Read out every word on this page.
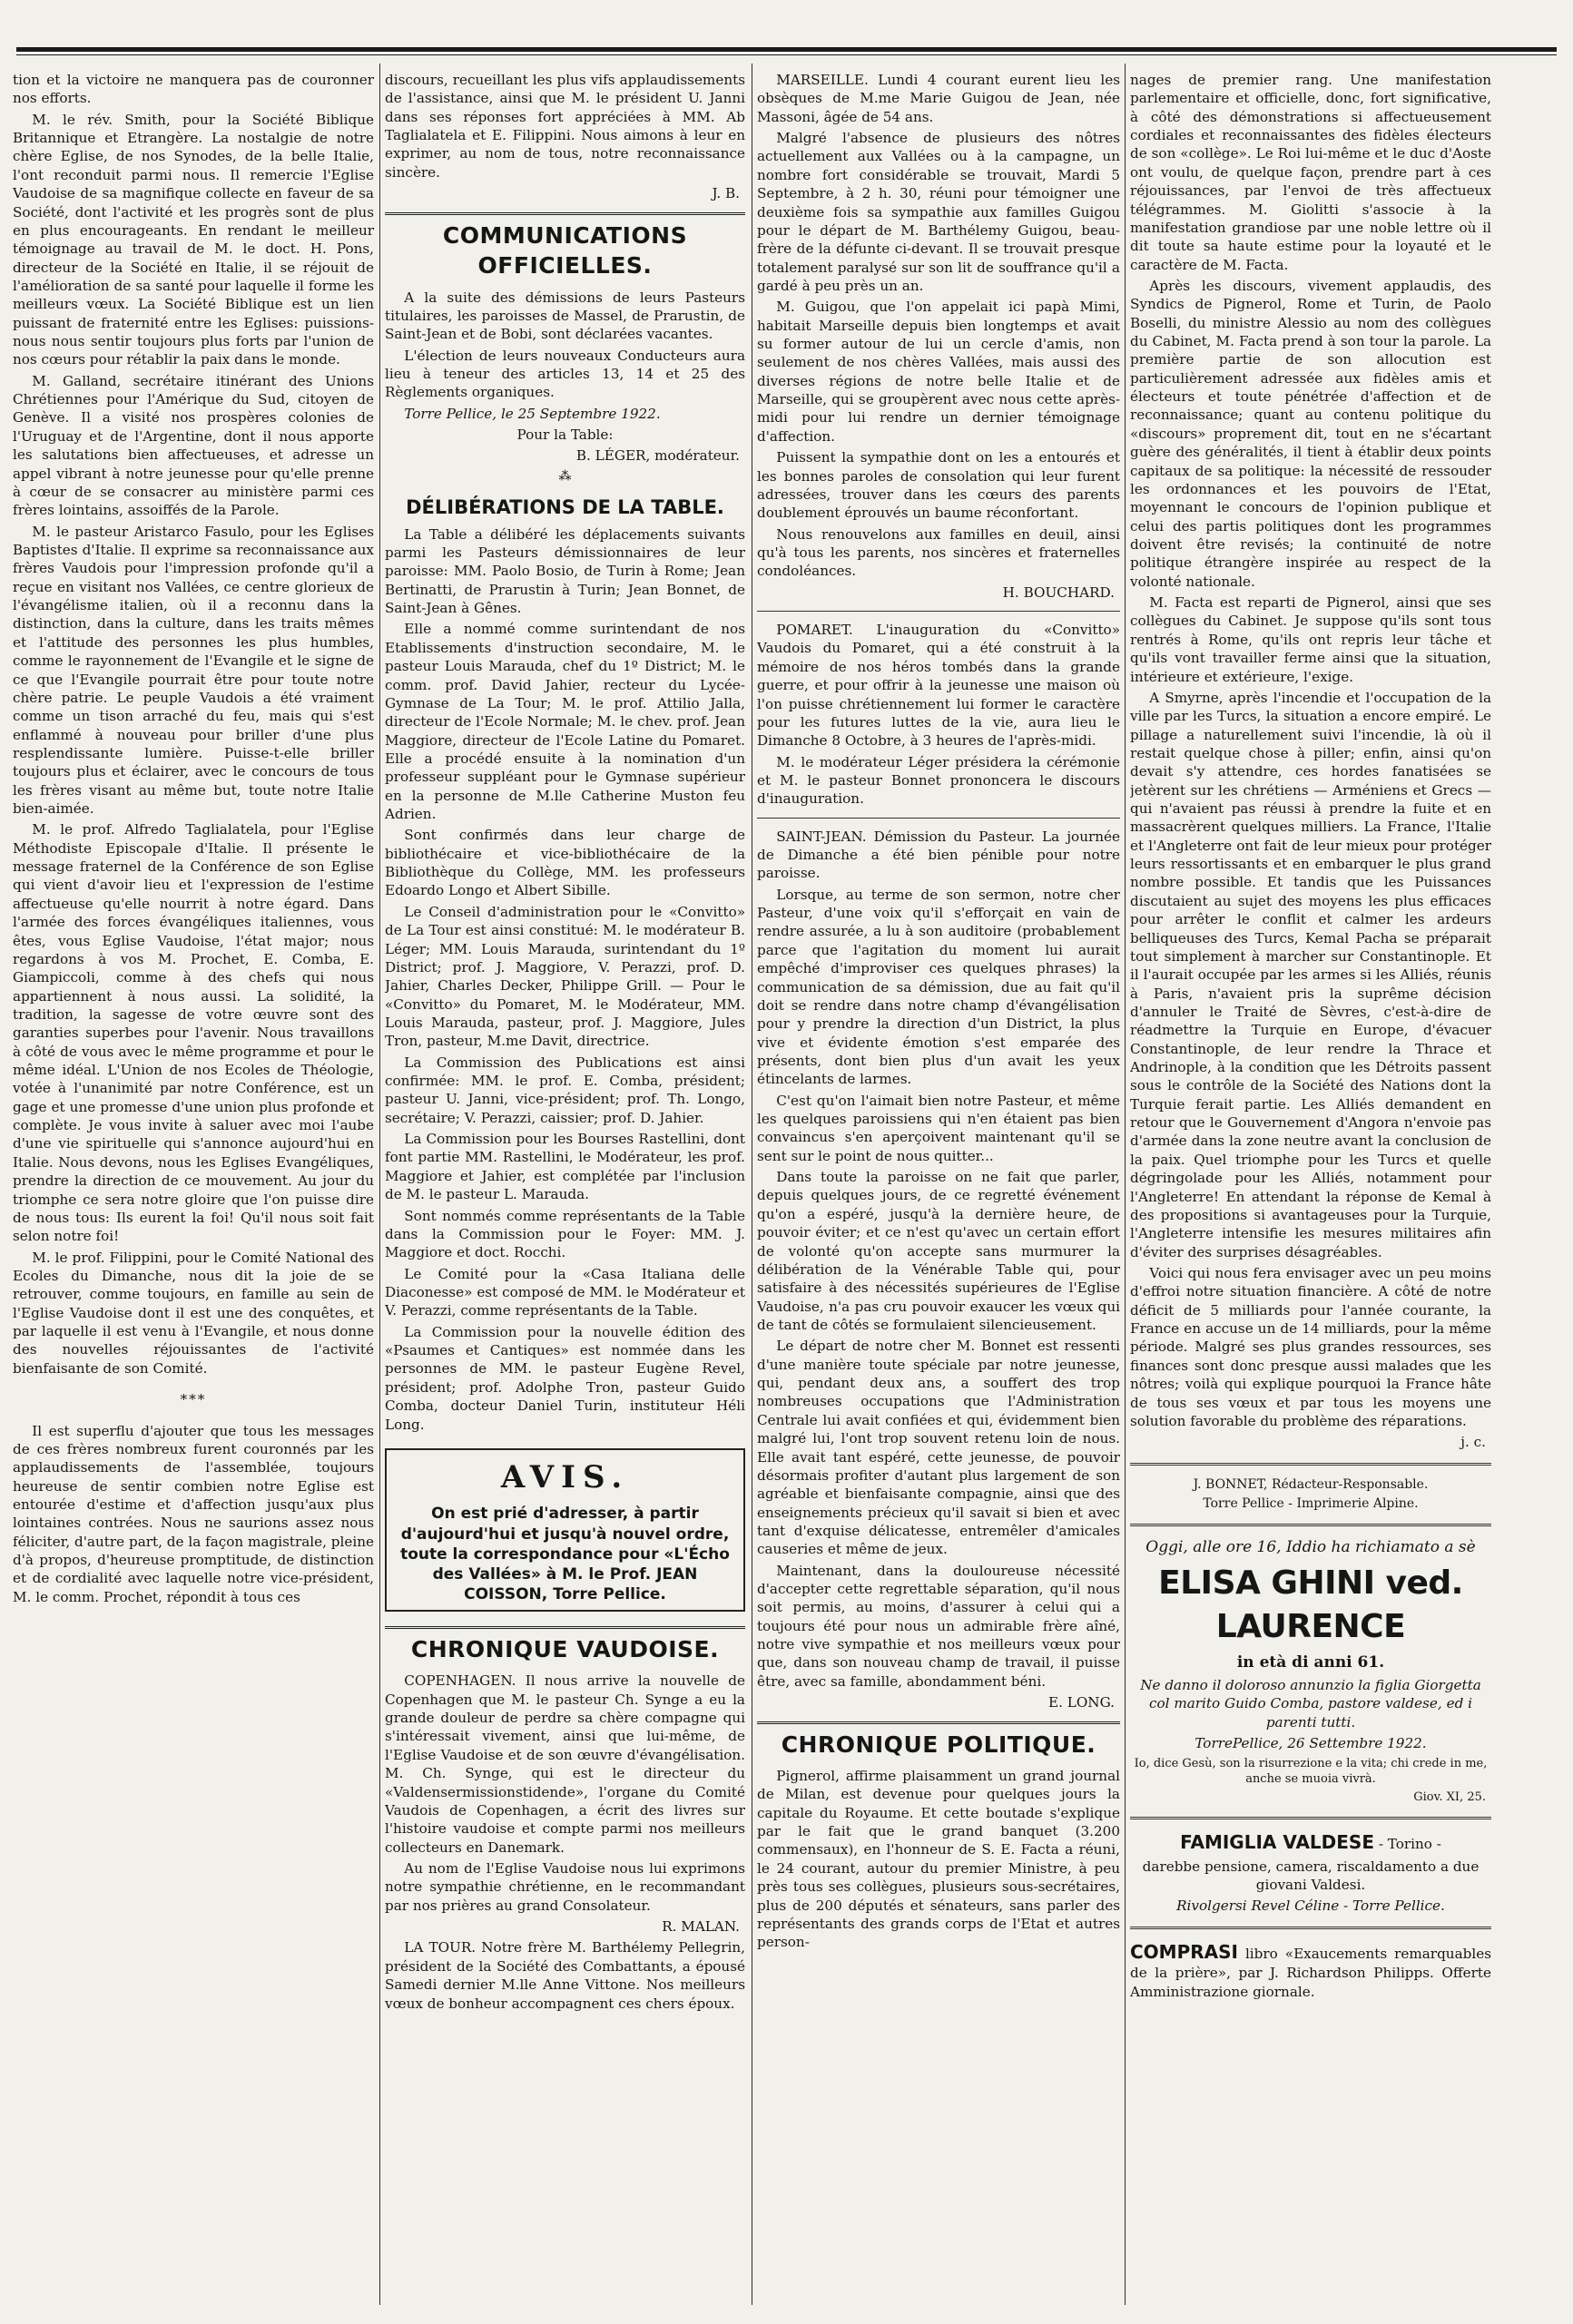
tion et la victoire ne manquera pas de couronner nos efforts.

M. le rév. Smith, pour la Société Biblique Britannique et Etrangère. La nostalgie de notre chère Eglise, de nos Synodes, de la belle Italie, l'ont reconduit parmi nous. Il remercie l'Eglise Vaudoise de sa magnifique collecte en faveur de sa Société, dont l'activité et les progrès sont de plus en plus encourageants. En rendant le meilleur témoignage au travail de M. le doct. H. Pons, directeur de la Société en Italie, il se réjouit de l'amélioration de sa santé pour laquelle il forme les meilleurs vœux. La Société Biblique est un lien puissant de fraternité entre les Eglises: puissions-nous nous sentir toujours plus forts par l'union de nos cœurs pour rétablir la paix dans le monde.

M. Galland, secrétaire itinérant des Unions Chrétiennes pour l'Amérique du Sud, citoyen de Genève. Il a visité nos prospères colonies de l'Uruguay et de l'Argentine, dont il nous apporte les salutations bien affectueuses, et adresse un appel vibrant à notre jeunesse pour qu'elle prenne à cœur de se consacrer au ministère parmi ces frères lointains, assoiffés de la Parole.

M. le pasteur Aristarco Fasulo, pour les Eglises Baptistes d'Italie. Il exprime sa reconnaissance aux frères Vaudois pour l'impression profonde qu'il a reçue en visitant nos Vallées, ce centre glorieux de l'évangélisme italien, où il a reconnu dans la distinction, dans la culture, dans les traits mêmes et l'attitude des personnes les plus humbles, comme le rayonnement de l'Evangile et le signe de ce que l'Evangile pourrait être pour toute notre chère patrie. Le peuple Vaudois a été vraiment comme un tison arraché du feu, mais qui s'est enflammé à nouveau pour briller d'une plus resplendissante lumière. Puisse-t-elle briller toujours plus et éclairer, avec le concours de tous les frères visant au même but, toute notre Italie bien-aimée.

M. le prof. Alfredo Taglialatela, pour l'Eglise Méthodiste Episcopale d'Italie. Il présente le message fraternel de la Conférence de son Eglise qui vient d'avoir lieu et l'expression de l'estime affectueuse qu'elle nourrit à notre égard. Dans l'armée des forces évangéliques italiennes, vous êtes, vous Eglise Vaudoise, l'état major; nous regardons à vos M. Prochet, E. Comba, E. Giampiccoli, comme à des chefs qui nous appartiennent à nous aussi. La solidité, la tradition, la sagesse de votre œuvre sont des garanties superbes pour l'avenir. Nous travaillons à côté de vous avec le même programme et pour le même idéal. L'Union de nos Ecoles de Théologie, votée à l'unanimité par notre Conférence, est un gage et une promesse d'une union plus profonde et complète. Je vous invite à saluer avec moi l'aube d'une vie spirituelle qui s'annonce aujourd'hui en Italie. Nous devons, nous les Eglises Evangéliques, prendre la direction de ce mouvement. Au jour du triomphe ce sera notre gloire que l'on puisse dire de nous tous: Ils eurent la foi! Qu'il nous soit fait selon notre foi!

M. le prof. Filippini, pour le Comité National des Ecoles du Dimanche, nous dit la joie de se retrouver, comme toujours, en famille au sein de l'Eglise Vaudoise dont il est une des conquêtes, et par laquelle il est venu à l'Evangile, et nous donne des nouvelles réjouissantes de l'activité bienfaisante de son Comité.

***

Il est superflu d'ajouter que tous les messages de ces frères nombreux furent couronnés par les applaudissements de l'assemblée, toujours heureuse de sentir combien notre Eglise est entourée d'estime et d'affection jusqu'aux plus lointaines contrées. Nous ne saurions assez nous féliciter, d'autre part, de la façon magistrale, pleine d'à propos, d'heureuse promptitude, de distinction et de cordialité avec laquelle notre vice-président, M. le comm. Prochet, répondit à tous ces

discours, recueillant les plus vifs applaudissements de l'assistance, ainsi que M. le président U. Janni dans ses réponses fort appréciées à MM. Ab Taglialatela et E. Filippini. Nous aimons à leur en exprimer, au nom de tous, notre reconnaissance sincère.

J. B.

COMMUNICATIONS OFFICIELLES.

A la suite des démissions de leurs Pasteurs titulaires, les paroisses de Massel, de Prarustin, de Saint-Jean et de Bobi, sont déclarées vacantes.

L'élection de leurs nouveaux Conducteurs aura lieu à teneur des articles 13, 14 et 25 des Règlements organiques.

Torre Pellice, le 25 Septembre 1922.

Pour la Table:

B. LÉGER, modérateur.

⁂
DÉLIBÉRATIONS DE LA TABLE.

La Table a délibéré les déplacements suivants parmi les Pasteurs démissionnaires de leur paroisse: MM. Paolo Bosio, de Turin à Rome; Jean Bertinatti, de Prarustin à Turin; Jean Bonnet, de Saint-Jean à Gênes.

Elle a nommé comme surintendant de nos Etablissements d'instruction secondaire, M. le pasteur Louis Marauda, chef du 1º District; M. le comm. prof. David Jahier, recteur du Lycée-Gymnase de La Tour; M. le prof. Attilio Jalla, directeur de l'Ecole Normale; M. le chev. prof. Jean Maggiore, directeur de l'Ecole Latine du Pomaret. Elle a procédé ensuite à la nomination d'un professeur suppléant pour le Gymnase supérieur en la personne de M.lle Catherine Muston feu Adrien.

Sont confirmés dans leur charge de bibliothécaire et vice-bibliothécaire de la Bibliothèque du Collège, MM. les professeurs Edoardo Longo et Albert Sibille.

Le Conseil d'administration pour le «Convitto» de La Tour est ainsi constitué: M. le modérateur B. Léger; MM. Louis Marauda, surintendant du 1º District; prof. J. Maggiore, V. Perazzi, prof. D. Jahier, Charles Decker, Philippe Grill. — Pour le «Convitto» du Pomaret, M. le Modérateur, MM. Louis Marauda, pasteur, prof. J. Maggiore, Jules Tron, pasteur, M.me Davit, directrice.

La Commission des Publications est ainsi confirmée: MM. le prof. E. Comba, président; pasteur U. Janni, vice-président; prof. Th. Longo, secrétaire; V. Perazzi, caissier; prof. D. Jahier.

La Commission pour les Bourses Rastellini, dont font partie MM. Rastellini, le Modérateur, les prof. Maggiore et Jahier, est complétée par l'inclusion de M. le pasteur L. Marauda.

Sont nommés comme représentants de la Table dans la Commission pour le Foyer: MM. J. Maggiore et doct. Rocchi.

Le Comité pour la «Casa Italiana delle Diaconesse» est composé de MM. le Modérateur et V. Perazzi, comme représentants de la Table.

La Commission pour la nouvelle édition des «Psaumes et Cantiques» est nommée dans les personnes de MM. le pasteur Eugène Revel, président; prof. Adolphe Tron, pasteur Guido Comba, docteur Daniel Turin, instituteur Héli Long.

AVIS.
On est prié d'adresser, à partir d'aujourd'hui et jusqu'à nouvel ordre, toute la correspondance pour «L'Écho des Vallées» à M. le Prof. JEAN COISSON, Torre Pellice.
CHRONIQUE VAUDOISE.

COPENHAGEN. Il nous arrive la nouvelle de Copenhagen que M. le pasteur Ch. Synge a eu la grande douleur de perdre sa chère compagne qui s'intéressait vivement, ainsi que lui-même, de l'Eglise Vaudoise et de son œuvre d'évangélisation. M. Ch. Synge, qui est le directeur du «Valdensermissionstidende», l'organe du Comité Vaudois de Copenhagen, a écrit des livres sur l'histoire vaudoise et compte parmi nos meilleurs collecteurs en Danemark.

Au nom de l'Eglise Vaudoise nous lui exprimons notre sympathie chrétienne, en le recommandant par nos prières au grand Consolateur.

R. MALAN.

LA TOUR. Notre frère M. Barthélemy Pellegrin, président de la Société des Combattants, a épousé Samedi dernier M.lle Anne Vittone. Nos meilleurs vœux de bonheur accompagnent ces chers époux.

MARSEILLE. Lundi 4 courant eurent lieu les obsèques de M.me Marie Guigou de Jean, née Massoni, âgée de 54 ans.

Malgré l'absence de plusieurs des nôtres actuellement aux Vallées ou à la campagne, un nombre fort considérable se trouvait, Mardi 5 Septembre, à 2 h. 30, réuni pour témoigner une deuxième fois sa sympathie aux familles Guigou pour le départ de M. Barthélemy Guigou, beau-frère de la défunte ci-devant. Il se trouvait presque totalement paralysé sur son lit de souffrance qu'il a gardé à peu près un an.

M. Guigou, que l'on appelait ici papà Mimi, habitait Marseille depuis bien longtemps et avait su former autour de lui un cercle d'amis, non seulement de nos chères Vallées, mais aussi des diverses régions de notre belle Italie et de Marseille, qui se groupèrent avec nous cette après-midi pour lui rendre un dernier témoignage d'affection.

Puissent la sympathie dont on les a entourés et les bonnes paroles de consolation qui leur furent adressées, trouver dans les cœurs des parents doublement éprouvés un baume réconfortant.

Nous renouvelons aux familles en deuil, ainsi qu'à tous les parents, nos sincères et fraternelles condoléances.

H. BOUCHARD.

POMARET. L'inauguration du «Convitto» Vaudois du Pomaret, qui a été construit à la mémoire de nos héros tombés dans la grande guerre, et pour offrir à la jeunesse une maison où l'on puisse chrétiennement lui former le caractère pour les futures luttes de la vie, aura lieu le Dimanche 8 Octobre, à 3 heures de l'après-midi.

M. le modérateur Léger présidera la cérémonie et M. le pasteur Bonnet prononcera le discours d'inauguration.

SAINT-JEAN. Démission du Pasteur. La journée de Dimanche a été bien pénible pour notre paroisse.

Lorsque, au terme de son sermon, notre cher Pasteur, d'une voix qu'il s'efforçait en vain de rendre assurée, a lu à son auditoire (probablement parce que l'agitation du moment lui aurait empêché d'improviser ces quelques phrases) la communication de sa démission, due au fait qu'il doit se rendre dans notre champ d'évangélisation pour y prendre la direction d'un District, la plus vive et évidente émotion s'est emparée des présents, dont bien plus d'un avait les yeux étincelants de larmes.

C'est qu'on l'aimait bien notre Pasteur, et même les quelques paroissiens qui n'en étaient pas bien convaincus s'en aperçoivent maintenant qu'il se sent sur le point de nous quitter...

Dans toute la paroisse on ne fait que parler, depuis quelques jours, de ce regretté événement qu'on a espéré, jusqu'à la dernière heure, de pouvoir éviter; et ce n'est qu'avec un certain effort de volonté qu'on accepte sans murmurer la délibération de la Vénérable Table qui, pour satisfaire à des nécessités supérieures de l'Eglise Vaudoise, n'a pas cru pouvoir exaucer les vœux qui de tant de côtés se formulaient silencieusement.

Le départ de notre cher M. Bonnet est ressenti d'une manière toute spéciale par notre jeunesse, qui, pendant deux ans, a souffert des trop nombreuses occupations que l'Administration Centrale lui avait confiées et qui, évidemment bien malgré lui, l'ont trop souvent retenu loin de nous. Elle avait tant espéré, cette jeunesse, de pouvoir désormais profiter d'autant plus largement de son agréable et bienfaisante compagnie, ainsi que des enseignements précieux qu'il savait si bien et avec tant d'exquise délicatesse, entremêler d'amicales causeries et même de jeux.

Maintenant, dans la douloureuse nécessité d'accepter cette regrettable séparation, qu'il nous soit permis, au moins, d'assurer à celui qui a toujours été pour nous un admirable frère aîné, notre vive sympathie et nos meilleurs vœux pour que, dans son nouveau champ de travail, il puisse être, avec sa famille, abondamment béni.

E. LONG.

CHRONIQUE POLITIQUE.

Pignerol, affirme plaisamment un grand journal de Milan, est devenue pour quelques jours la capitale du Royaume. Et cette boutade s'explique par le fait que le grand banquet (3.200 commensaux), en l'honneur de S. E. Facta a réuni, le 24 courant, autour du premier Ministre, à peu près tous ses collègues, plusieurs sous-secrétaires, plus de 200 députés et sénateurs, sans parler des représentants des grands corps de l'Etat et autres person-

nages de premier rang. Une manifestation parlementaire et officielle, donc, fort significative, à côté des démonstrations si affectueusement cordiales et reconnaissantes des fidèles électeurs de son «collège». Le Roi lui-même et le duc d'Aoste ont voulu, de quelque façon, prendre part à ces réjouissances, par l'envoi de très affectueux télégrammes. M. Giolitti s'associe à la manifestation grandiose par une noble lettre où il dit toute sa haute estime pour la loyauté et le caractère de M. Facta.

Après les discours, vivement applaudis, des Syndics de Pignerol, Rome et Turin, de Paolo Boselli, du ministre Alessio au nom des collègues du Cabinet, M. Facta prend à son tour la parole. La première partie de son allocution est particulièrement adressée aux fidèles amis et électeurs et toute pénétrée d'affection et de reconnaissance; quant au contenu politique du «discours» proprement dit, tout en ne s'écartant guère des généralités, il tient à établir deux points capitaux de sa politique: la nécessité de ressouder les ordonnances et les pouvoirs de l'Etat, moyennant le concours de l'opinion publique et celui des partis politiques dont les programmes doivent être revisés; la continuité de notre politique étrangère inspirée au respect de la volonté nationale.

M. Facta est reparti de Pignerol, ainsi que ses collègues du Cabinet. Je suppose qu'ils sont tous rentrés à Rome, qu'ils ont repris leur tâche et qu'ils vont travailler ferme ainsi que la situation, intérieure et extérieure, l'exige.

A Smyrne, après l'incendie et l'occupation de la ville par les Turcs, la situation a encore empiré. Le pillage a naturellement suivi l'incendie, là où il restait quelque chose à piller; enfin, ainsi qu'on devait s'y attendre, ces hordes fanatisées se jetèrent sur les chrétiens — Arméniens et Grecs — qui n'avaient pas réussi à prendre la fuite et en massacrèrent quelques milliers. La France, l'Italie et l'Angleterre ont fait de leur mieux pour protéger leurs ressortissants et en embarquer le plus grand nombre possible. Et tandis que les Puissances discutaient au sujet des moyens les plus efficaces pour arrêter le conflit et calmer les ardeurs belliqueuses des Turcs, Kemal Pacha se préparait tout simplement à marcher sur Constantinople. Et il l'aurait occupée par les armes si les Alliés, réunis à Paris, n'avaient pris la suprême décision d'annuler le Traité de Sèvres, c'est-à-dire de réadmettre la Turquie en Europe, d'évacuer Constantinople, de leur rendre la Thrace et Andrinople, à la condition que les Détroits passent sous le contrôle de la Société des Nations dont la Turquie ferait partie. Les Alliés demandent en retour que le Gouvernement d'Angora n'envoie pas d'armée dans la zone neutre avant la conclusion de la paix. Quel triomphe pour les Turcs et quelle dégringolade pour les Alliés, notamment pour l'Angleterre! En attendant la réponse de Kemal à des propositions si avantageuses pour la Turquie, l'Angleterre intensifie les mesures militaires afin d'éviter des surprises désagréables.

Voici qui nous fera envisager avec un peu moins d'effroi notre situation financière. A côté de notre déficit de 5 milliards pour l'année courante, la France en accuse un de 14 milliards, pour la même période. Malgré ses plus grandes ressources, ses finances sont donc presque aussi malades que les nôtres; voilà qui explique pourquoi la France hâte de tous ses vœux et par tous les moyens une solution favorable du problème des réparations.

j. c.

J. BONNET, Rédacteur-Responsable.

Torre Pellice - Imprimerie Alpine.

Oggi, alle ore 16, Iddio ha richiamato a sè

ELISA GHINI ved. LAURENCE

in età di anni 61.

Ne danno il doloroso annunzio la figlia Giorgetta col marito Guido Comba, pastore valdese, ed i parenti tutti.

TorrePellice, 26 Settembre 1922.

Io, dice Gesù, son la risurrezione e la vita; chi crede in me, anche se muoia vivrà.

Giov. XI, 25.

FAMIGLIA VALDESE - Torino -

darebbe pensione, camera, riscaldamento a due giovani Valdesi.

Rivolgersi Revel Céline - Torre Pellice.

COMPRASI libro «Exaucements remarquables de la prière», par J. Richardson Philipps. Offerte Amministrazione giornale.
